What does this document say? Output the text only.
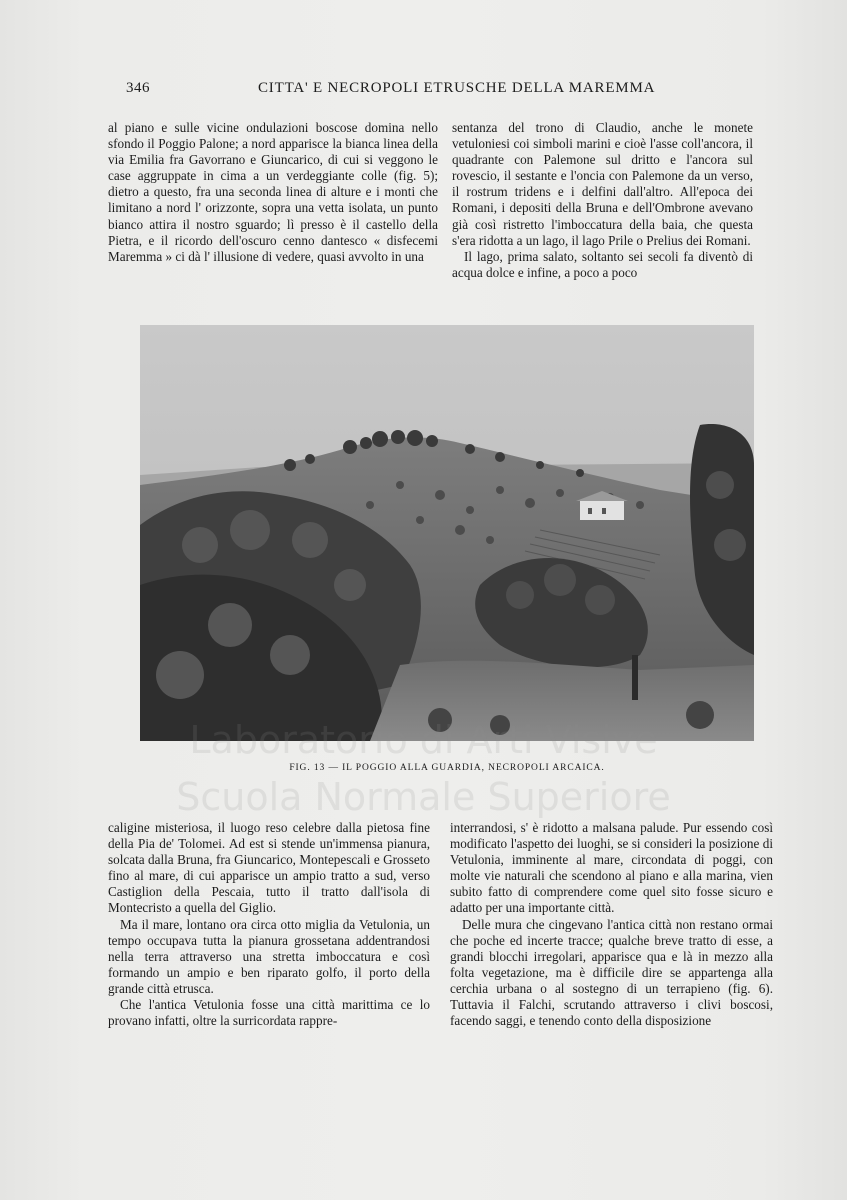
346	CITTA' E NECROPOLI ETRUSCHE DELLA MAREMMA

al piano e sulle vicine ondulazioni boscose domina nello sfondo il Poggio Palone; a nord apparisce la bianca linea della via Emilia fra Gavorrano e Giuncarico, di cui si veggono le case aggruppate in cima a un verdeggiante colle (fig. 5); dietro a questo, fra una seconda linea di alture e i monti che limitano a nord l' orizzonte, sopra una vetta isolata, un punto bianco attira il nostro sguardo; lì presso è il castello della Pietra, e il ricordo dell'oscuro cenno dantesco « disfecemi Maremma » ci dà l' illusione di vedere, quasi avvolto in una

sentanza del trono di Claudio, anche le monete vetuloniesi coi simboli marini e cioè l'asse coll'ancora, il quadrante con Palemone sul dritto e l'ancora sul rovescio, il sestante e l'oncia con Palemone da un verso, il rostrum tridens e i delfini dall'altro. All'epoca dei Romani, i depositi della Bruna e dell'Ombrone avevano già così ristretto l'imboccatura della baia, che questa s'era ridotta a un lago, il lago Prile o Prelius dei Romani.

Il lago, prima salato, soltanto sei secoli fa diventò di acqua dolce e infine, a poco a poco

FIG. 13 — IL POGGIO ALLA GUARDIA, NECROPOLI ARCAICA.
Scuola Normale Superiore

caligine misteriosa, il luogo reso celebre dalla pietosa fine della Pia de' Tolomei. Ad est si stende un'immensa pianura, solcata dalla Bruna, fra Giuncarico, Montepescali e Grosseto fino al mare, di cui apparisce un ampio tratto a sud, verso Castiglion della Pescaia, tutto il tratto dall'isola di Montecristo a quella del Giglio.

Ma il mare, lontano ora circa otto miglia da Vetulonia, un tempo occupava tutta la pianura grossetana addentrandosi nella terra attraverso una stretta imboccatura e così formando un ampio e ben riparato golfo, il porto della grande città etrusca.

Che l'antica Vetulonia fosse una città marittima ce lo provano infatti, oltre la surricordata rappre-

interrandosi, s' è ridotto a malsana palude. Pur essendo così modificato l'aspetto dei luoghi, se si consideri la posizione di Vetulonia, imminente al mare, circondata di poggi, con molte vie naturali che scendono al piano e alla marina, vien subito fatto di comprendere come quel sito fosse sicuro e adatto per una importante città.

Delle mura che cingevano l'antica città non restano ormai che poche ed incerte tracce; qualche breve tratto di esse, a grandi blocchi irregolari, apparisce qua e là in mezzo alla folta vegetazione, ma è difficile dire se appartenga alla cerchia urbana o al sostegno di un terrapieno (fig. 6). Tuttavia il Falchi, scrutando attraverso i clivi boscosi, facendo saggi, e tenendo conto della disposizione
